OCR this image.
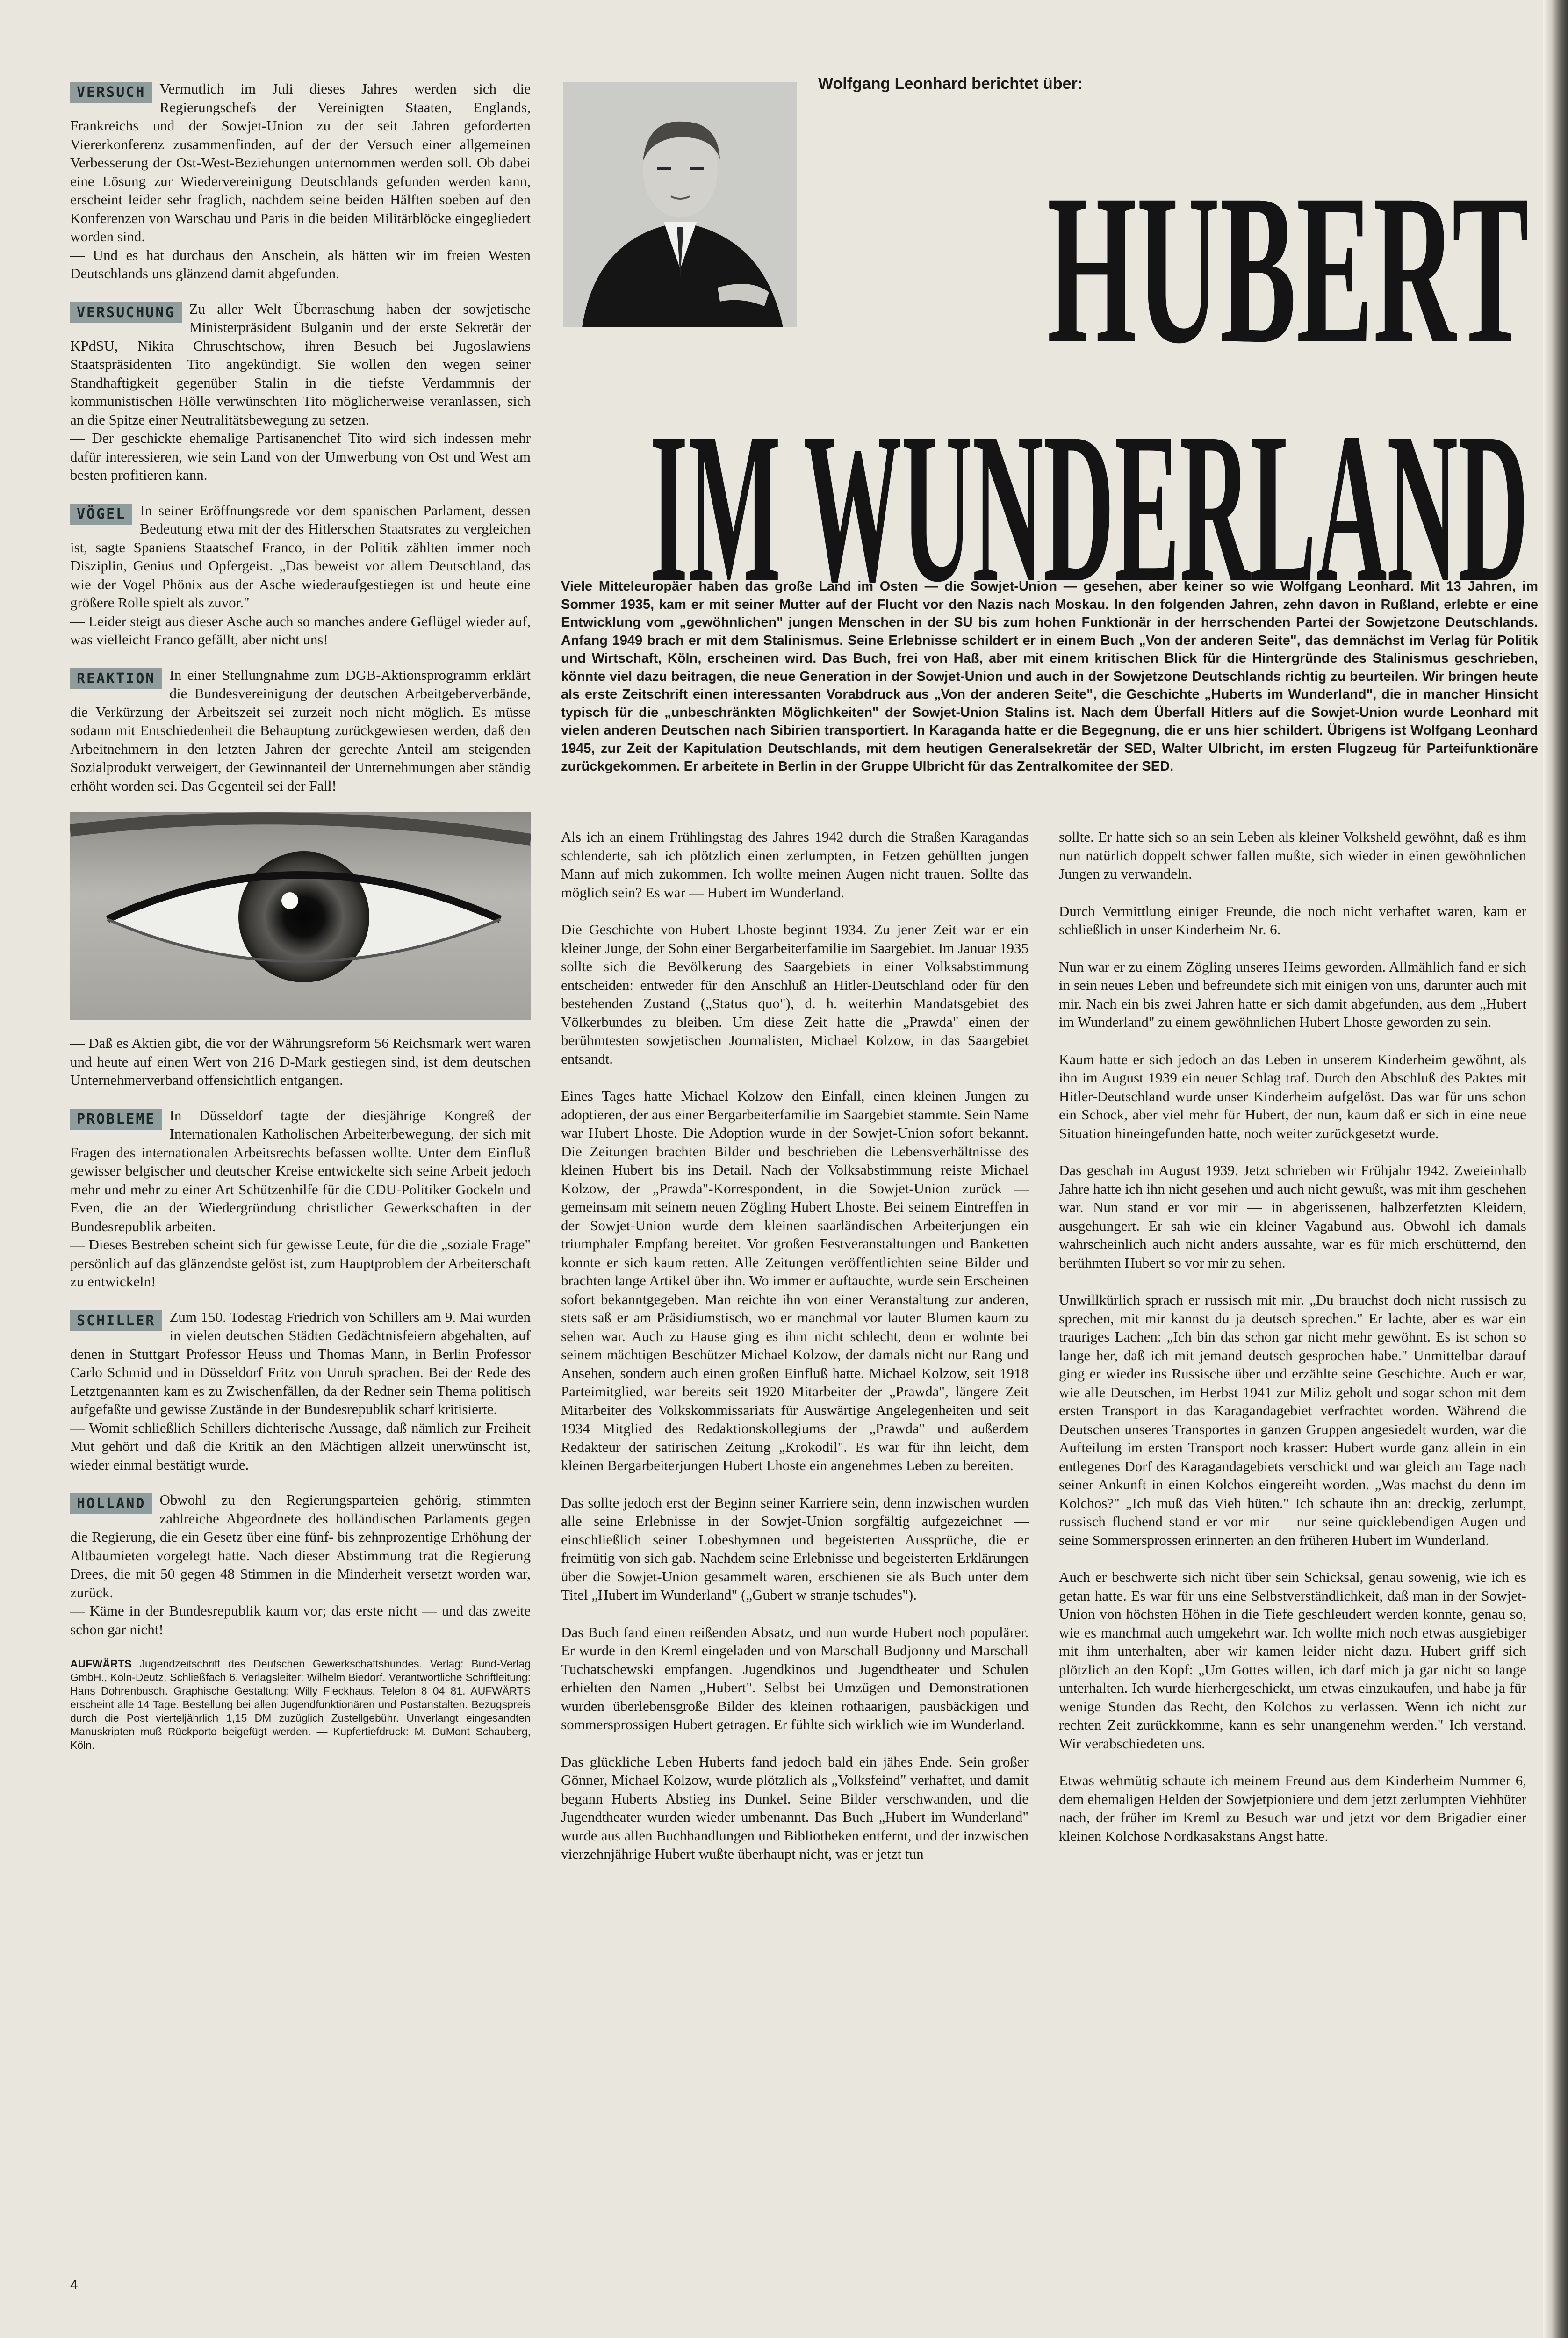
VERSUCH Vermutlich im Juli dieses Jahres werden sich die Regierungschefs der Vereinigten Staaten, Englands, Frankreichs und der Sowjet-Union zu der seit Jahren geforderten Viererkonferenz zusammenfinden, auf der der Versuch einer allgemeinen Verbesserung der Ost-West-Beziehungen unternommen werden soll. Ob dabei eine Lösung zur Wiedervereinigung Deutschlands gefunden werden kann, erscheint leider sehr fraglich, nachdem seine beiden Hälften soeben auf den Konferenzen von Warschau und Paris in die beiden Militärblöcke eingegliedert worden sind.

— Und es hat durchaus den Anschein, als hätten wir im freien Westen Deutschlands uns glänzend damit abgefunden.

VERSUCHUNG Zu aller Welt Überraschung haben der sowjetische Ministerpräsident Bulganin und der erste Sekretär der KPdSU, Nikita Chruschtschow, ihren Besuch bei Jugoslawiens Staatspräsidenten Tito angekündigt. Sie wollen den wegen seiner Standhaftigkeit gegenüber Stalin in die tiefste Verdammnis der kommunistischen Hölle verwünschten Tito möglicherweise veranlassen, sich an die Spitze einer Neutralitätsbewegung zu setzen.

— Der geschickte ehemalige Partisanenchef Tito wird sich indessen mehr dafür interessieren, wie sein Land von der Umwerbung von Ost und West am besten profitieren kann.

VÖGEL In seiner Eröffnungsrede vor dem spanischen Parlament, dessen Bedeutung etwa mit der des Hitlerschen Staatsrates zu vergleichen ist, sagte Spaniens Staatschef Franco, in der Politik zählten immer noch Disziplin, Genius und Opfergeist. „Das beweist vor allem Deutschland, das wie der Vogel Phönix aus der Asche wiederaufgestiegen ist und heute eine größere Rolle spielt als zuvor."

— Leider steigt aus dieser Asche auch so manches andere Geflügel wieder auf, was vielleicht Franco gefällt, aber nicht uns!

REAKTION In einer Stellungnahme zum DGB-Aktionsprogramm erklärt die Bundesvereinigung der deutschen Arbeitgeberverbände, die Verkürzung der Arbeitszeit sei zurzeit noch nicht möglich. Es müsse sodann mit Entschiedenheit die Behauptung zurückgewiesen werden, daß den Arbeitnehmern in den letzten Jahren der gerechte Anteil am steigenden Sozialprodukt verweigert, der Gewinnanteil der Unternehmungen aber ständig erhöht worden sei. Das Gegenteil sei der Fall!

— Daß es Aktien gibt, die vor der Währungsreform 56 Reichsmark wert waren und heute auf einen Wert von 216 D-Mark gestiegen sind, ist dem deutschen Unternehmerverband offensichtlich entgangen.

PROBLEME In Düsseldorf tagte der diesjährige Kongreß der Internationalen Katholischen Arbeiterbewegung, der sich mit Fragen des internationalen Arbeitsrechts befassen wollte. Unter dem Einfluß gewisser belgischer und deutscher Kreise entwickelte sich seine Arbeit jedoch mehr und mehr zu einer Art Schützenhilfe für die CDU-Politiker Gockeln und Even, die an der Wiedergründung christlicher Gewerkschaften in der Bundesrepublik arbeiten.

— Dieses Bestreben scheint sich für gewisse Leute, für die die „soziale Frage" persönlich auf das glänzendste gelöst ist, zum Hauptproblem der Arbeiterschaft zu entwickeln!

SCHILLER Zum 150. Todestag Friedrich von Schillers am 9. Mai wurden in vielen deutschen Städten Gedächtnisfeiern abgehalten, auf denen in Stuttgart Professor Heuss und Thomas Mann, in Berlin Professor Carlo Schmid und in Düsseldorf Fritz von Unruh sprachen. Bei der Rede des Letztgenannten kam es zu Zwischenfällen, da der Redner sein Thema politisch aufgefaßte und gewisse Zustände in der Bundesrepublik scharf kritisierte.

— Womit schließlich Schillers dichterische Aussage, daß nämlich zur Freiheit Mut gehört und daß die Kritik an den Mächtigen allzeit unerwünscht ist, wieder einmal bestätigt wurde.

HOLLAND Obwohl zu den Regierungsparteien gehörig, stimmten zahlreiche Abgeordnete des holländischen Parlaments gegen die Regierung, die ein Gesetz über eine fünf- bis zehnprozentige Erhöhung der Altbaumieten vorgelegt hatte. Nach dieser Abstimmung trat die Regierung Drees, die mit 50 gegen 48 Stimmen in die Minderheit versetzt worden war, zurück.

— Käme in der Bundesrepublik kaum vor; das erste nicht — und das zweite schon gar nicht!

AUFWÄRTS Jugendzeitschrift des Deutschen Gewerkschaftsbundes. Verlag: Bund-Verlag GmbH., Köln-Deutz, Schließfach 6. Verlagsleiter: Wilhelm Biedorf. Verantwortliche Schriftleitung: Hans Dohrenbusch. Graphische Gestaltung: Willy Fleckhaus. Telefon 8 04 81. AUFWÄRTS erscheint alle 14 Tage. Bestellung bei allen Jugendfunktionären und Postanstalten. Bezugspreis durch die Post vierteljährlich 1,15 DM zuzüglich Zustellgebühr. Unverlangt eingesandten Manuskripten muß Rückporto beigefügt werden. — Kupfertiefdruck: M. DuMont Schauberg, Köln.
4
Wolfgang Leonhard berichtet über:
HUBERT
IM WUNDERLAND

Viele Mitteleuropäer haben das große Land im Osten — die Sowjet-Union — gesehen, aber keiner so wie Wolfgang Leonhard. Mit 13 Jahren, im Sommer 1935, kam er mit seiner Mutter auf der Flucht vor den Nazis nach Moskau. In den folgenden Jahren, zehn davon in Rußland, erlebte er eine Entwicklung vom „gewöhnlichen" jungen Menschen in der SU bis zum hohen Funktionär in der herrschenden Partei der Sowjetzone Deutschlands. Anfang 1949 brach er mit dem Stalinismus. Seine Erlebnisse schildert er in einem Buch „Von der anderen Seite", das demnächst im Verlag für Politik und Wirtschaft, Köln, erscheinen wird. Das Buch, frei von Haß, aber mit einem kritischen Blick für die Hintergründe des Stalinismus geschrieben, könnte viel dazu beitragen, die neue Generation in der Sowjet-Union und auch in der Sowjetzone Deutschlands richtig zu beurteilen. Wir bringen heute als erste Zeitschrift einen interessanten Vorabdruck aus „Von der anderen Seite", die Geschichte „Huberts im Wunderland", die in mancher Hinsicht typisch für die „unbeschränkten Möglichkeiten" der Sowjet-Union Stalins ist. Nach dem Überfall Hitlers auf die Sowjet-Union wurde Leonhard mit vielen anderen Deutschen nach Sibirien transportiert. In Karaganda hatte er die Begegnung, die er uns hier schildert. Übrigens ist Wolfgang Leonhard 1945, zur Zeit der Kapitulation Deutschlands, mit dem heutigen Generalsekretär der SED, Walter Ulbricht, im ersten Flugzeug für Parteifunktionäre zurückgekommen. Er arbeitete in Berlin in der Gruppe Ulbricht für das Zentralkomitee der SED.

Als ich an einem Frühlingstag des Jahres 1942 durch die Straßen Karagandas schlenderte, sah ich plötzlich einen zerlumpten, in Fetzen gehüllten jungen Mann auf mich zukommen. Ich wollte meinen Augen nicht trauen. Sollte das möglich sein? Es war — Hubert im Wunderland.

Die Geschichte von Hubert Lhoste beginnt 1934. Zu jener Zeit war er ein kleiner Junge, der Sohn einer Bergarbeiterfamilie im Saargebiet. Im Januar 1935 sollte sich die Bevölkerung des Saargebiets in einer Volksabstimmung entscheiden: entweder für den Anschluß an Hitler-Deutschland oder für den bestehenden Zustand („Status quo"), d. h. weiterhin Mandatsgebiet des Völkerbundes zu bleiben. Um diese Zeit hatte die „Prawda" einen der berühmtesten sowjetischen Journalisten, Michael Kolzow, in das Saargebiet entsandt.

Eines Tages hatte Michael Kolzow den Einfall, einen kleinen Jungen zu adoptieren, der aus einer Bergarbeiterfamilie im Saargebiet stammte. Sein Name war Hubert Lhoste. Die Adoption wurde in der Sowjet-Union sofort bekannt. Die Zeitungen brachten Bilder und beschrieben die Lebensverhältnisse des kleinen Hubert bis ins Detail. Nach der Volksabstimmung reiste Michael Kolzow, der „Prawda"-Korrespondent, in die Sowjet-Union zurück — gemeinsam mit seinem neuen Zögling Hubert Lhoste. Bei seinem Eintreffen in der Sowjet-Union wurde dem kleinen saarländischen Arbeiterjungen ein triumphaler Empfang bereitet. Vor großen Festveranstaltungen und Banketten konnte er sich kaum retten. Alle Zeitungen veröffentlichten seine Bilder und brachten lange Artikel über ihn. Wo immer er auftauchte, wurde sein Erscheinen sofort bekanntgegeben. Man reichte ihn von einer Veranstaltung zur anderen, stets saß er am Präsidiumstisch, wo er manchmal vor lauter Blumen kaum zu sehen war. Auch zu Hause ging es ihm nicht schlecht, denn er wohnte bei seinem mächtigen Beschützer Michael Kolzow, der damals nicht nur Rang und Ansehen, sondern auch einen großen Einfluß hatte. Michael Kolzow, seit 1918 Parteimitglied, war bereits seit 1920 Mitarbeiter der „Prawda", längere Zeit Mitarbeiter des Volkskommissariats für Auswärtige Angelegenheiten und seit 1934 Mitglied des Redaktionskollegiums der „Prawda" und außerdem Redakteur der satirischen Zeitung „Krokodil". Es war für ihn leicht, dem kleinen Bergarbeiterjungen Hubert Lhoste ein angenehmes Leben zu bereiten.

Das sollte jedoch erst der Beginn seiner Karriere sein, denn inzwischen wurden alle seine Erlebnisse in der Sowjet-Union sorgfältig aufgezeichnet — einschließlich seiner Lobeshymnen und begeisterten Aussprüche, die er freimütig von sich gab. Nachdem seine Erlebnisse und begeisterten Erklärungen über die Sowjet-Union gesammelt waren, erschienen sie als Buch unter dem Titel „Hubert im Wunderland" („Gubert w stranje tschudes").

Das Buch fand einen reißenden Absatz, und nun wurde Hubert noch populärer. Er wurde in den Kreml eingeladen und von Marschall Budjonny und Marschall Tuchatschewski empfangen. Jugendkinos und Jugendtheater und Schulen erhielten den Namen „Hubert". Selbst bei Umzügen und Demonstrationen wurden überlebensgroße Bilder des kleinen rothaarigen, pausbäckigen und sommersprossigen Hubert getragen. Er fühlte sich wirklich wie im Wunderland.

Das glückliche Leben Huberts fand jedoch bald ein jähes Ende. Sein großer Gönner, Michael Kolzow, wurde plötzlich als „Volksfeind" verhaftet, und damit begann Huberts Abstieg ins Dunkel. Seine Bilder verschwanden, und die Jugendtheater wurden wieder umbenannt. Das Buch „Hubert im Wunderland" wurde aus allen Buchhandlungen und Bibliotheken entfernt, und der inzwischen vierzehnjährige Hubert wußte überhaupt nicht, was er jetzt tun

sollte. Er hatte sich so an sein Leben als kleiner Volksheld gewöhnt, daß es ihm nun natürlich doppelt schwer fallen mußte, sich wieder in einen gewöhnlichen Jungen zu verwandeln.

Durch Vermittlung einiger Freunde, die noch nicht verhaftet waren, kam er schließlich in unser Kinderheim Nr. 6.

Nun war er zu einem Zögling unseres Heims geworden. Allmählich fand er sich in sein neues Leben und befreundete sich mit einigen von uns, darunter auch mit mir. Nach ein bis zwei Jahren hatte er sich damit abgefunden, aus dem „Hubert im Wunderland" zu einem gewöhnlichen Hubert Lhoste geworden zu sein.

Kaum hatte er sich jedoch an das Leben in unserem Kinderheim gewöhnt, als ihn im August 1939 ein neuer Schlag traf. Durch den Abschluß des Paktes mit Hitler-Deutschland wurde unser Kinderheim aufgelöst. Das war für uns schon ein Schock, aber viel mehr für Hubert, der nun, kaum daß er sich in eine neue Situation hineingefunden hatte, noch weiter zurückgesetzt wurde.

Das geschah im August 1939. Jetzt schrieben wir Frühjahr 1942. Zweieinhalb Jahre hatte ich ihn nicht gesehen und auch nicht gewußt, was mit ihm geschehen war. Nun stand er vor mir — in abgerissenen, halbzerfetzten Kleidern, ausgehungert. Er sah wie ein kleiner Vagabund aus. Obwohl ich damals wahrscheinlich auch nicht anders aussahte, war es für mich erschütternd, den berühmten Hubert so vor mir zu sehen.

Unwillkürlich sprach er russisch mit mir. „Du brauchst doch nicht russisch zu sprechen, mit mir kannst du ja deutsch sprechen." Er lachte, aber es war ein trauriges Lachen: „Ich bin das schon gar nicht mehr gewöhnt. Es ist schon so lange her, daß ich mit jemand deutsch gesprochen habe." Unmittelbar darauf ging er wieder ins Russische über und erzählte seine Geschichte. Auch er war, wie alle Deutschen, im Herbst 1941 zur Miliz geholt und sogar schon mit dem ersten Transport in das Karagandagebiet verfrachtet worden. Während die Deutschen unseres Transportes in ganzen Gruppen angesiedelt wurden, war die Aufteilung im ersten Transport noch krasser: Hubert wurde ganz allein in ein entlegenes Dorf des Karagandagebiets verschickt und war gleich am Tage nach seiner Ankunft in einen Kolchos eingereiht worden. „Was machst du denn im Kolchos?" „Ich muß das Vieh hüten." Ich schaute ihn an: dreckig, zerlumpt, russisch fluchend stand er vor mir — nur seine quicklebendigen Augen und seine Sommersprossen erinnerten an den früheren Hubert im Wunderland.

Auch er beschwerte sich nicht über sein Schicksal, genau sowenig, wie ich es getan hatte. Es war für uns eine Selbstverständlichkeit, daß man in der Sowjet-Union von höchsten Höhen in die Tiefe geschleudert werden konnte, genau so, wie es manchmal auch umgekehrt war. Ich wollte mich noch etwas ausgiebiger mit ihm unterhalten, aber wir kamen leider nicht dazu. Hubert griff sich plötzlich an den Kopf: „Um Gottes willen, ich darf mich ja gar nicht so lange unterhalten. Ich wurde hierhergeschickt, um etwas einzukaufen, und habe ja für wenige Stunden das Recht, den Kolchos zu verlassen. Wenn ich nicht zur rechten Zeit zurückkomme, kann es sehr unangenehm werden." Ich verstand. Wir verabschiedeten uns.

Etwas wehmütig schaute ich meinem Freund aus dem Kinderheim Nummer 6, dem ehemaligen Helden der Sowjetpioniere und dem jetzt zerlumpten Viehhüter nach, der früher im Kreml zu Besuch war und jetzt vor dem Brigadier einer kleinen Kolchose Nordkasakstans Angst hatte.
